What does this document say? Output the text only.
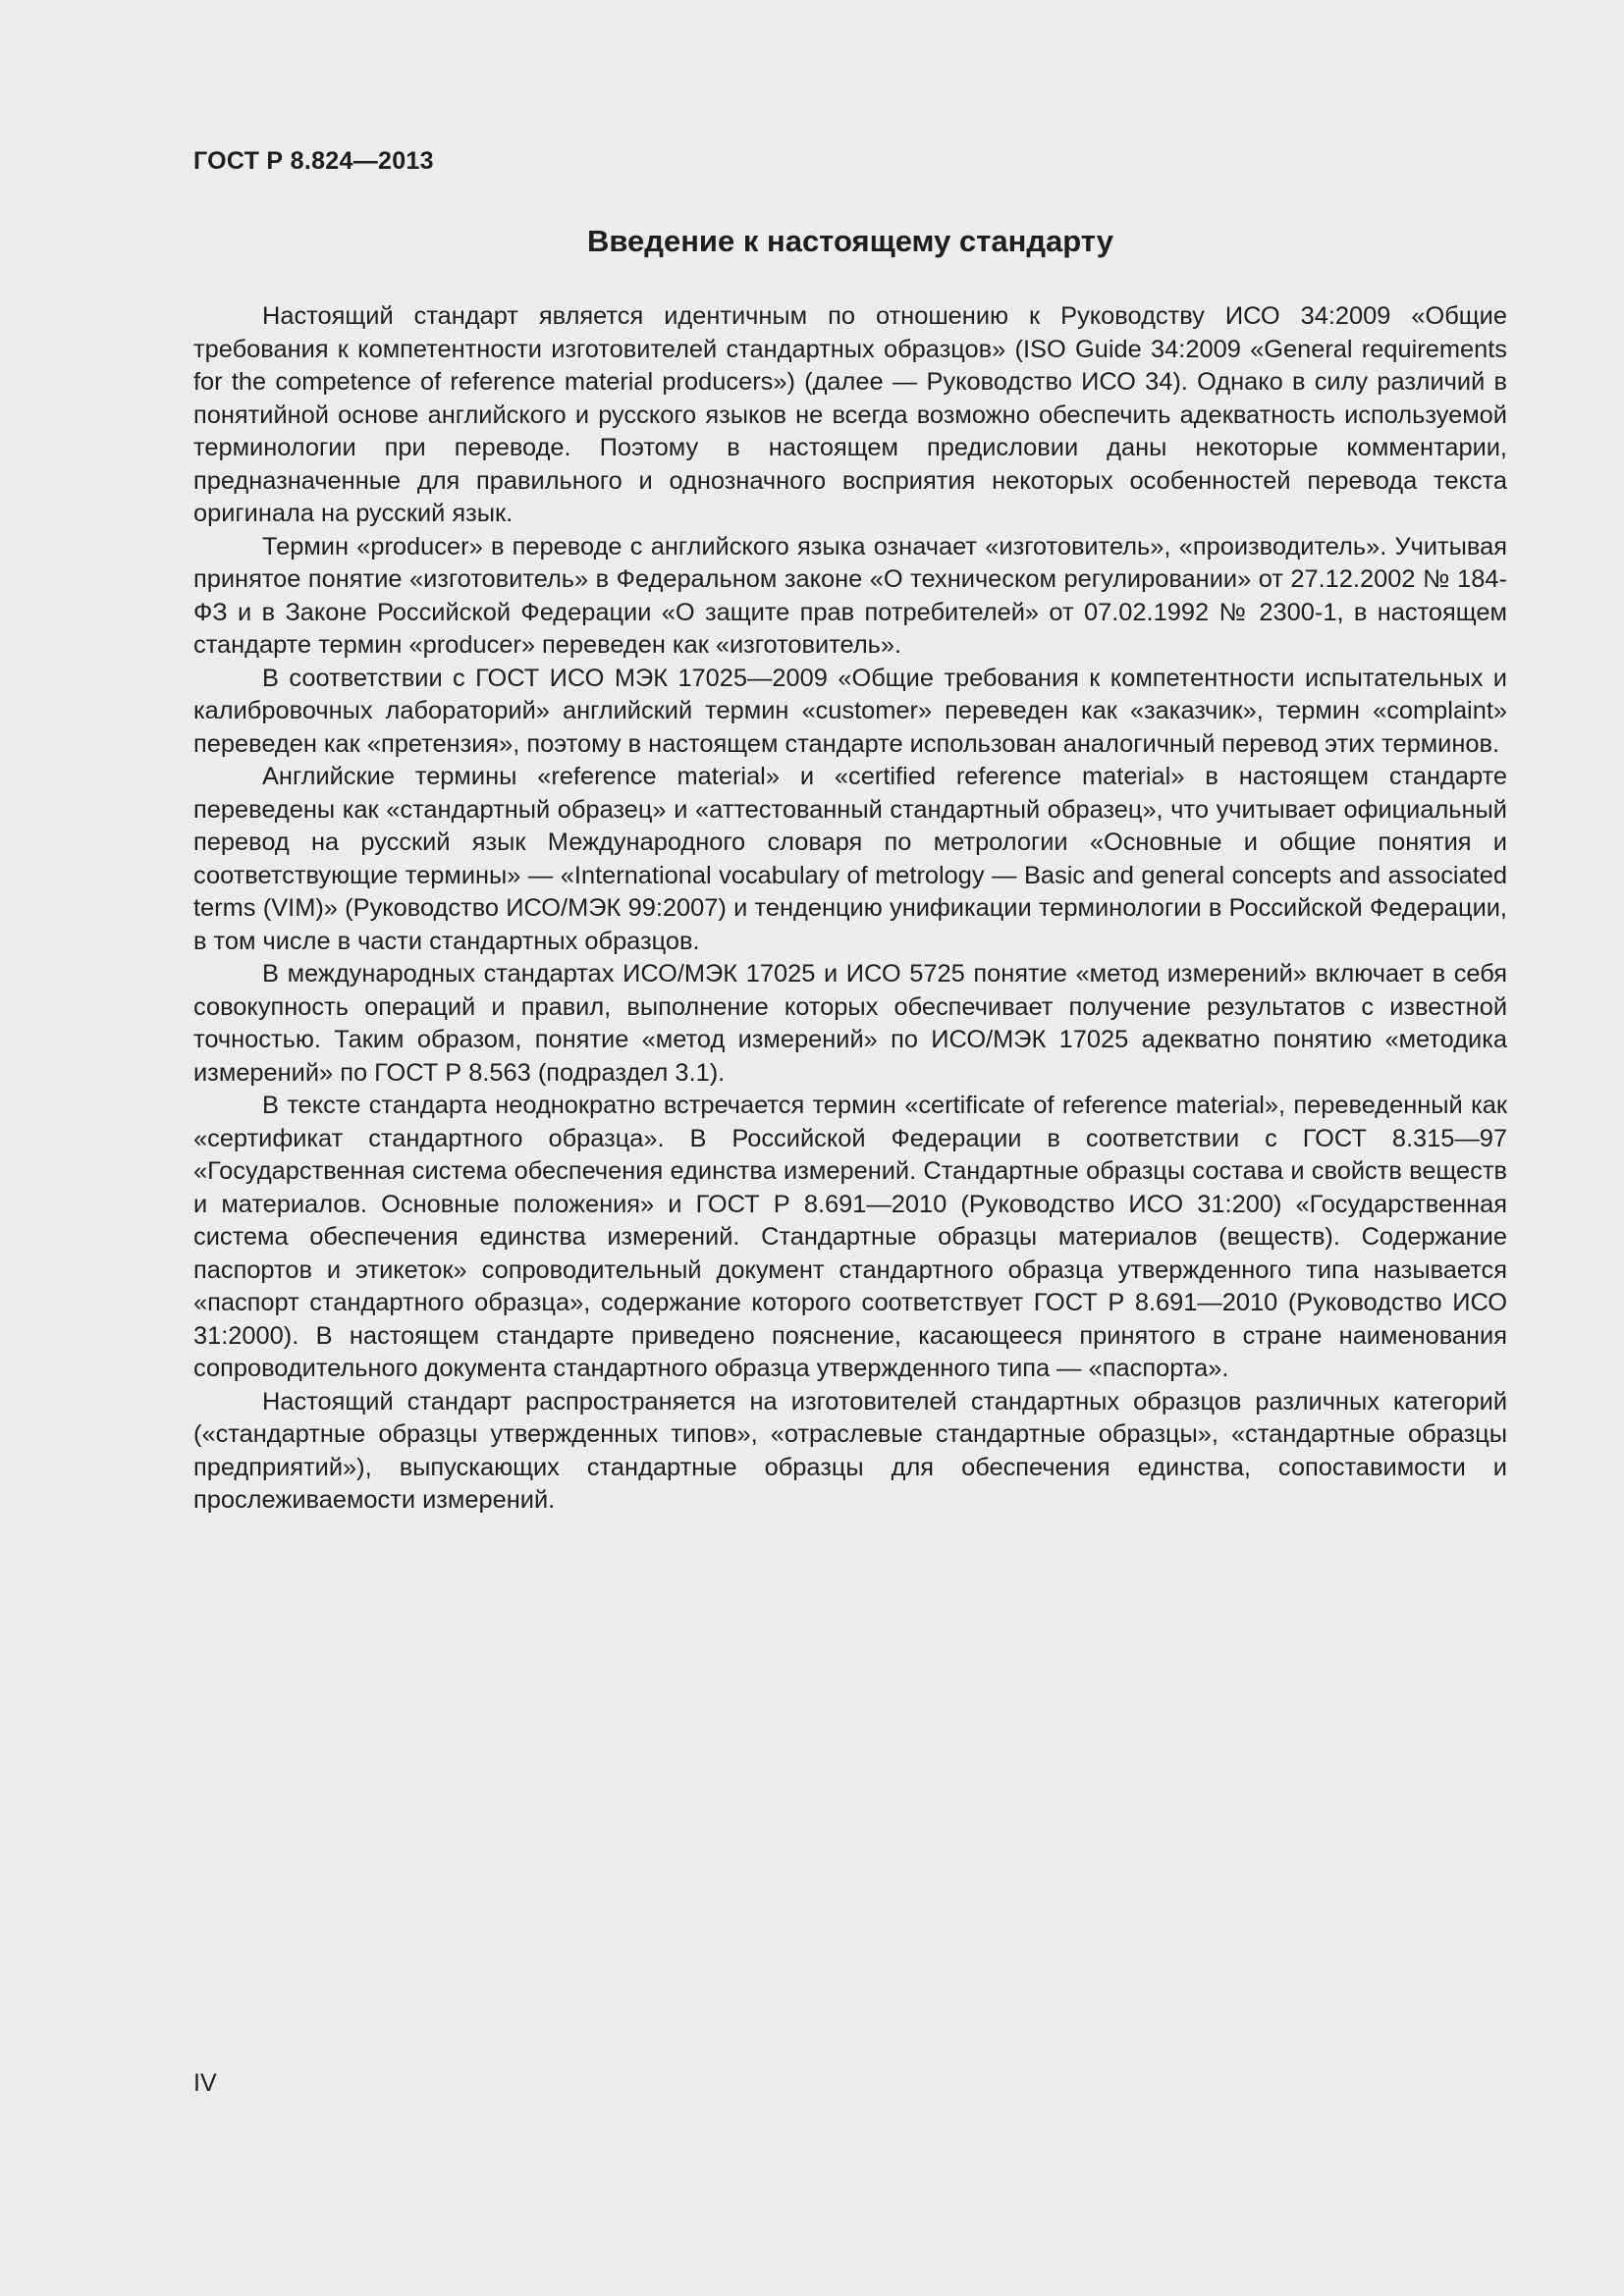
ГОСТ Р 8.824—2013
Введение к настоящему стандарту

Настоящий стандарт является идентичным по отношению к Руководству ИСО 34:2009 «Общие требования к компетентности изготовителей стандартных образцов» (ISO Guide 34:2009 «General requirements for the competence of reference material producers») (далее — Руководство ИСО 34). Однако в силу различий в понятийной основе английского и русского языков не всегда возможно обеспечить адекватность используемой терминологии при переводе. Поэтому в настоящем предисловии даны некоторые комментарии, предназначенные для правильного и однозначного восприятия некоторых особенностей перевода текста оригинала на русский язык.

Термин «producer» в переводе с английского языка означает «изготовитель», «производитель». Учитывая принятое понятие «изготовитель» в Федеральном законе «О техническом регулировании» от 27.12.2002 № 184-ФЗ и в Законе Российской Федерации «О защите прав потребителей» от 07.02.1992 № 2300-1, в настоящем стандарте термин «producer» переведен как «изготовитель».

В соответствии с ГОСТ ИСО МЭК 17025—2009 «Общие требования к компетентности испытательных и калибровочных лабораторий» английский термин «customer» переведен как «заказчик», термин «complaint» переведен как «претензия», поэтому в настоящем стандарте использован аналогичный перевод этих терминов.

Английские термины «reference material» и «certified reference material» в настоящем стандарте переведены как «стандартный образец» и «аттестованный стандартный образец», что учитывает официальный перевод на русский язык Международного словаря по метрологии «Основные и общие понятия и соответствующие термины» — «International vocabulary of metrology — Basic and general concepts and associated terms (VIM)» (Руководство ИСО/МЭК 99:2007) и тенденцию унификации терминологии в Российской Федерации, в том числе в части стандартных образцов.

В международных стандартах ИСО/МЭК 17025 и ИСО 5725 понятие «метод измерений» включает в себя совокупность операций и правил, выполнение которых обеспечивает получение результатов с известной точностью. Таким образом, понятие «метод измерений» по ИСО/МЭК 17025 адекватно понятию «методика измерений» по ГОСТ Р 8.563 (подраздел 3.1).

В тексте стандарта неоднократно встречается термин «certificate of reference material», переведенный как «сертификат стандартного образца». В Российской Федерации в соответствии с ГОСТ 8.315—97 «Государственная система обеспечения единства измерений. Стандартные образцы состава и свойств веществ и материалов. Основные положения» и ГОСТ Р 8.691—2010 (Руководство ИСО 31:200) «Государственная система обеспечения единства измерений. Стандартные образцы материалов (веществ). Содержание паспортов и этикеток» сопроводительный документ стандартного образца утвержденного типа называется «паспорт стандартного образца», содержание которого соответствует ГОСТ Р 8.691—2010 (Руководство ИСО 31:2000). В настоящем стандарте приведено пояснение, касающееся принятого в стране наименования сопроводительного документа стандартного образца утвержденного типа — «паспорта».

Настоящий стандарт распространяется на изготовителей стандартных образцов различных категорий («стандартные образцы утвержденных типов», «отраслевые стандартные образцы», «стандартные образцы предприятий»), выпускающих стандартные образцы для обеспечения единства, сопоставимости и прослеживаемости измерений.

IV
